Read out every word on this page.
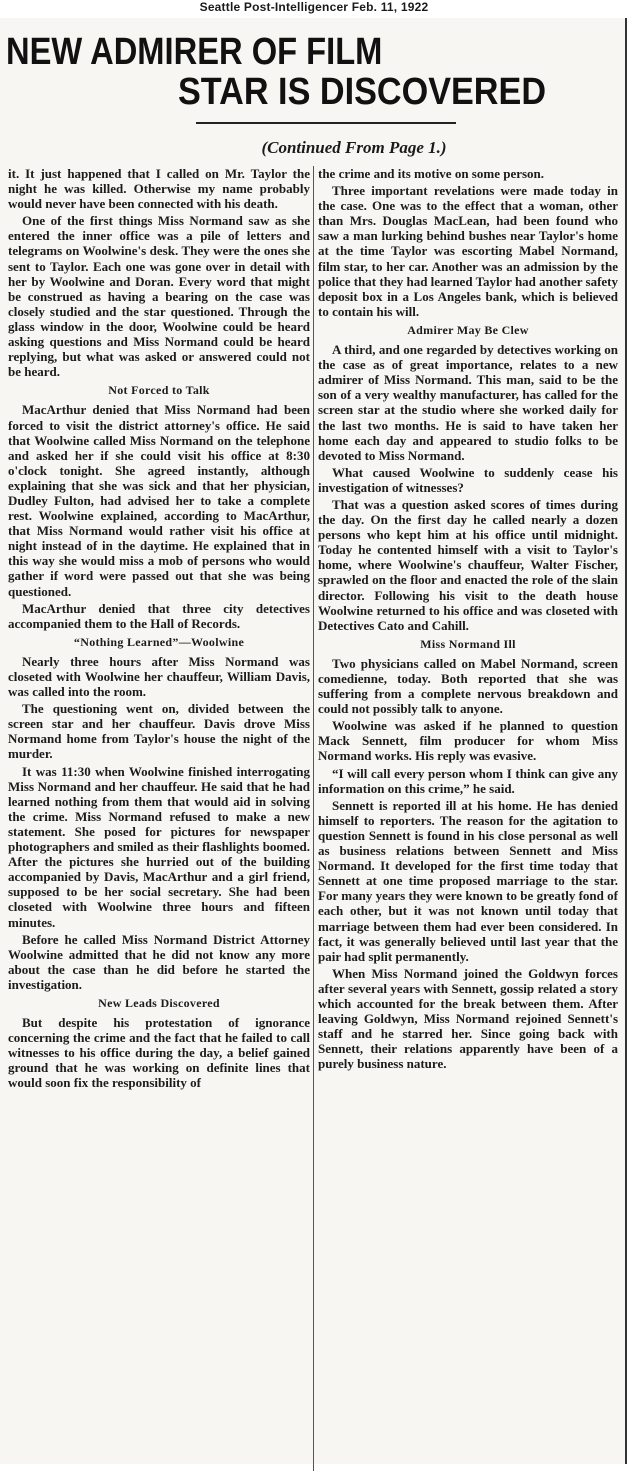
Seattle Post-Intelligencer Feb. 11, 1922
NEW ADMIRER OF FILM
STAR IS DISCOVERED
(Continued From Page 1.)

it. It just happened that I called on Mr. Taylor the night he was killed. Otherwise my name probably would never have been connected with his death.

One of the first things Miss Normand saw as she entered the inner office was a pile of letters and telegrams on Woolwine's desk. They were the ones she sent to Taylor. Each one was gone over in detail with her by Woolwine and Doran. Every word that might be construed as having a bearing on the case was closely studied and the star questioned. Through the glass window in the door, Woolwine could be heard asking questions and Miss Normand could be heard replying, but what was asked or answered could not be heard.

Not Forced to Talk

MacArthur denied that Miss Normand had been forced to visit the district attorney's office. He said that Woolwine called Miss Normand on the telephone and asked her if she could visit his office at 8:30 o'clock tonight. She agreed instantly, although explaining that she was sick and that her physician, Dudley Fulton, had advised her to take a complete rest. Woolwine explained, according to MacArthur, that Miss Normand would rather visit his office at night instead of in the daytime. He explained that in this way she would miss a mob of persons who would gather if word were passed out that she was being questioned.

MacArthur denied that three city detectives accompanied them to the Hall of Records.

“Nothing Learned”—Woolwine

Nearly three hours after Miss Normand was closeted with Woolwine her chauffeur, William Davis, was called into the room.

The questioning went on, divided between the screen star and her chauffeur. Davis drove Miss Normand home from Taylor's house the night of the murder.

It was 11:30 when Woolwine finished interrogating Miss Normand and her chauffeur. He said that he had learned nothing from them that would aid in solving the crime. Miss Normand refused to make a new statement. She posed for pictures for newspaper photographers and smiled as their flashlights boomed. After the pictures she hurried out of the building accompanied by Davis, MacArthur and a girl friend, supposed to be her social secretary. She had been closeted with Woolwine three hours and fifteen minutes.

Before he called Miss Normand District Attorney Woolwine admitted that he did not know any more about the case than he did before he started the investigation.

New Leads Discovered

But despite his protestation of ignorance concerning the crime and the fact that he failed to call witnesses to his office during the day, a belief gained ground that he was working on definite lines that would soon fix the responsibility of

the crime and its motive on some person.

Three important revelations were made today in the case. One was to the effect that a woman, other than Mrs. Douglas MacLean, had been found who saw a man lurking behind bushes near Taylor's home at the time Taylor was escorting Mabel Normand, film star, to her car. Another was an admission by the police that they had learned Taylor had another safety deposit box in a Los Angeles bank, which is believed to contain his will.

Admirer May Be Clew

A third, and one regarded by detectives working on the case as of great importance, relates to a new admirer of Miss Normand. This man, said to be the son of a very wealthy manufacturer, has called for the screen star at the studio where she worked daily for the last two months. He is said to have taken her home each day and appeared to studio folks to be devoted to Miss Normand.

What caused Woolwine to suddenly cease his investigation of witnesses?

That was a question asked scores of times during the day. On the first day he called nearly a dozen persons who kept him at his office until midnight. Today he contented himself with a visit to Taylor's home, where Woolwine's chauffeur, Walter Fischer, sprawled on the floor and enacted the role of the slain director. Following his visit to the death house Woolwine returned to his office and was closeted with Detectives Cato and Cahill.

Miss Normand Ill

Two physicians called on Mabel Normand, screen comedienne, today. Both reported that she was suffering from a complete nervous breakdown and could not possibly talk to anyone.

Woolwine was asked if he planned to question Mack Sennett, film producer for whom Miss Normand works. His reply was evasive.

“I will call every person whom I think can give any information on this crime,” he said.

Sennett is reported ill at his home. He has denied himself to reporters. The reason for the agitation to question Sennett is found in his close personal as well as business relations between Sennett and Miss Normand. It developed for the first time today that Sennett at one time proposed marriage to the star. For many years they were known to be greatly fond of each other, but it was not known until today that marriage between them had ever been considered. In fact, it was generally believed until last year that the pair had split permanently.

When Miss Normand joined the Goldwyn forces after several years with Sennett, gossip related a story which accounted for the break between them. After leaving Goldwyn, Miss Normand rejoined Sennett's staff and he starred her. Since going back with Sennett, their relations apparently have been of a purely business nature.
